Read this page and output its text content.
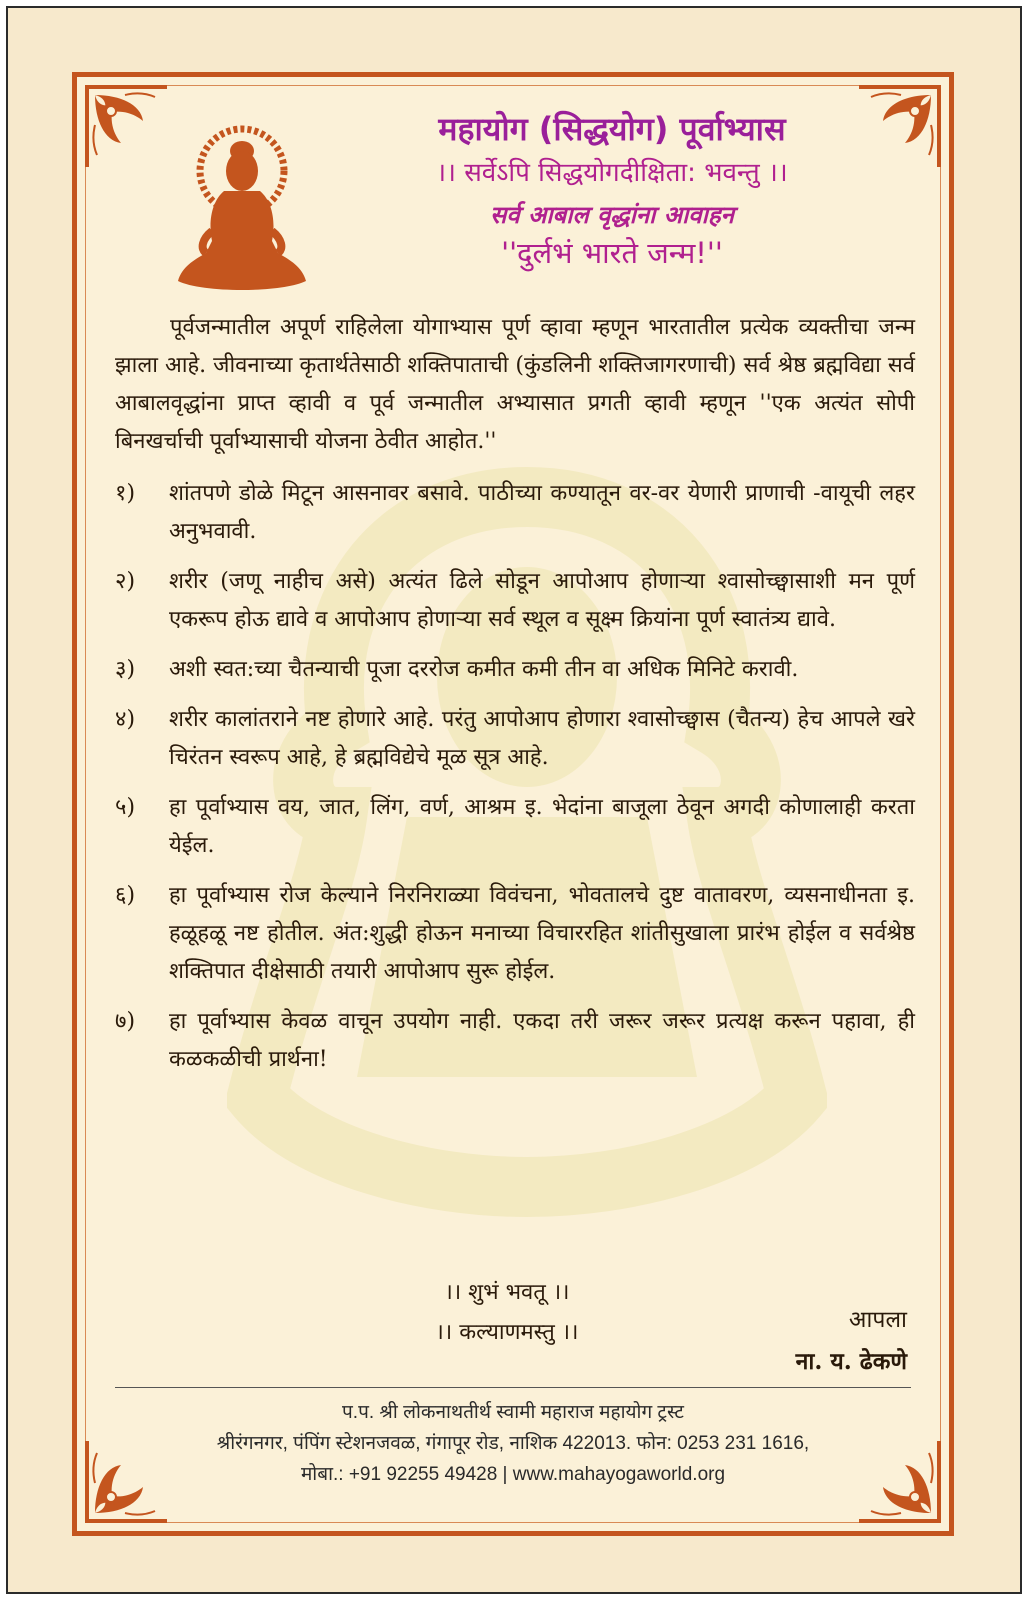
महायोग (सिद्धयोग) पूर्वाभ्यास
।। सर्वेऽपि सिद्धयोगदीक्षिता: भवन्तु ।।
सर्व आबाल वृद्धांना आवाहन
''दुर्लभं भारते जन्म!''

पूर्वजन्मातील अपूर्ण राहिलेला योगाभ्यास पूर्ण व्हावा म्हणून भारतातील प्रत्येक व्यक्तीचा जन्म झाला आहे. जीवनाच्या कृतार्थतेसाठी शक्तिपाताची (कुंडलिनी शक्तिजागरणाची) सर्व श्रेष्ठ ब्रह्मविद्या सर्व आबालवृद्धांना प्राप्त व्हावी व पूर्व जन्मातील अभ्यासात प्रगती व्हावी म्हणून ''एक अत्यंत सोपी बिनखर्चाची पूर्वाभ्यासाची योजना ठेवीत आहोत.''

१)	शांतपणे डोळे मिटून आसनावर बसावे. पाठीच्या कण्यातून वर-वर येणारी प्राणाची -वायूची लहर अनुभवावी.
२)	शरीर (जणू नाहीच असे) अत्यंत ढिले सोडून आपोआप होणाऱ्या श्वासोच्छ्वासाशी मन पूर्ण एकरूप होऊ द्यावे व आपोआप होणाऱ्या सर्व स्थूल व सूक्ष्म क्रियांना पूर्ण स्वातंत्र्य द्यावे.
३)	अशी स्वत:च्या चैतन्याची पूजा दररोज कमीत कमी तीन वा अधिक मिनिटे करावी.
४)	शरीर कालांतराने नष्ट होणारे आहे. परंतु आपोआप होणारा श्वासोच्छ्वास (चैतन्य) हेच आपले खरे चिरंतन स्वरूप आहे, हे ब्रह्मविद्येचे मूळ सूत्र आहे.
५)	हा पूर्वाभ्यास वय, जात, लिंग, वर्ण, आश्रम इ. भेदांना बाजूला ठेवून अगदी कोणालाही करता येईल.
६)	हा पूर्वाभ्यास रोज केल्याने निरनिराळ्या विवंचना, भोवतालचे दुष्ट वातावरण, व्यसनाधीनता इ. हळूहळू नष्ट होतील. अंत:शुद्धी होऊन मनाच्या विचाररहित शांतीसुखाला प्रारंभ होईल व सर्वश्रेष्ठ शक्तिपात दीक्षेसाठी तयारी आपोआप सुरू होईल.
७)	हा पूर्वाभ्यास केवळ वाचून उपयोग नाही. एकदा तरी जरूर जरूर प्रत्यक्ष करून पहावा, ही कळकळीची प्रार्थना!
।। शुभं भवतू ।।
।। कल्याणमस्तु ।।	आपला
ना. य. ढेकणे
प.प. श्री लोकनाथतीर्थ स्वामी महाराज महायोग ट्रस्ट
श्रीरंगनगर, पंपिंग स्टेशनजवळ, गंगापूर रोड, नाशिक 422013. फोन: 0253 231 1616,
मोबा.: +91 92255 49428 | www.mahayogaworld.org
